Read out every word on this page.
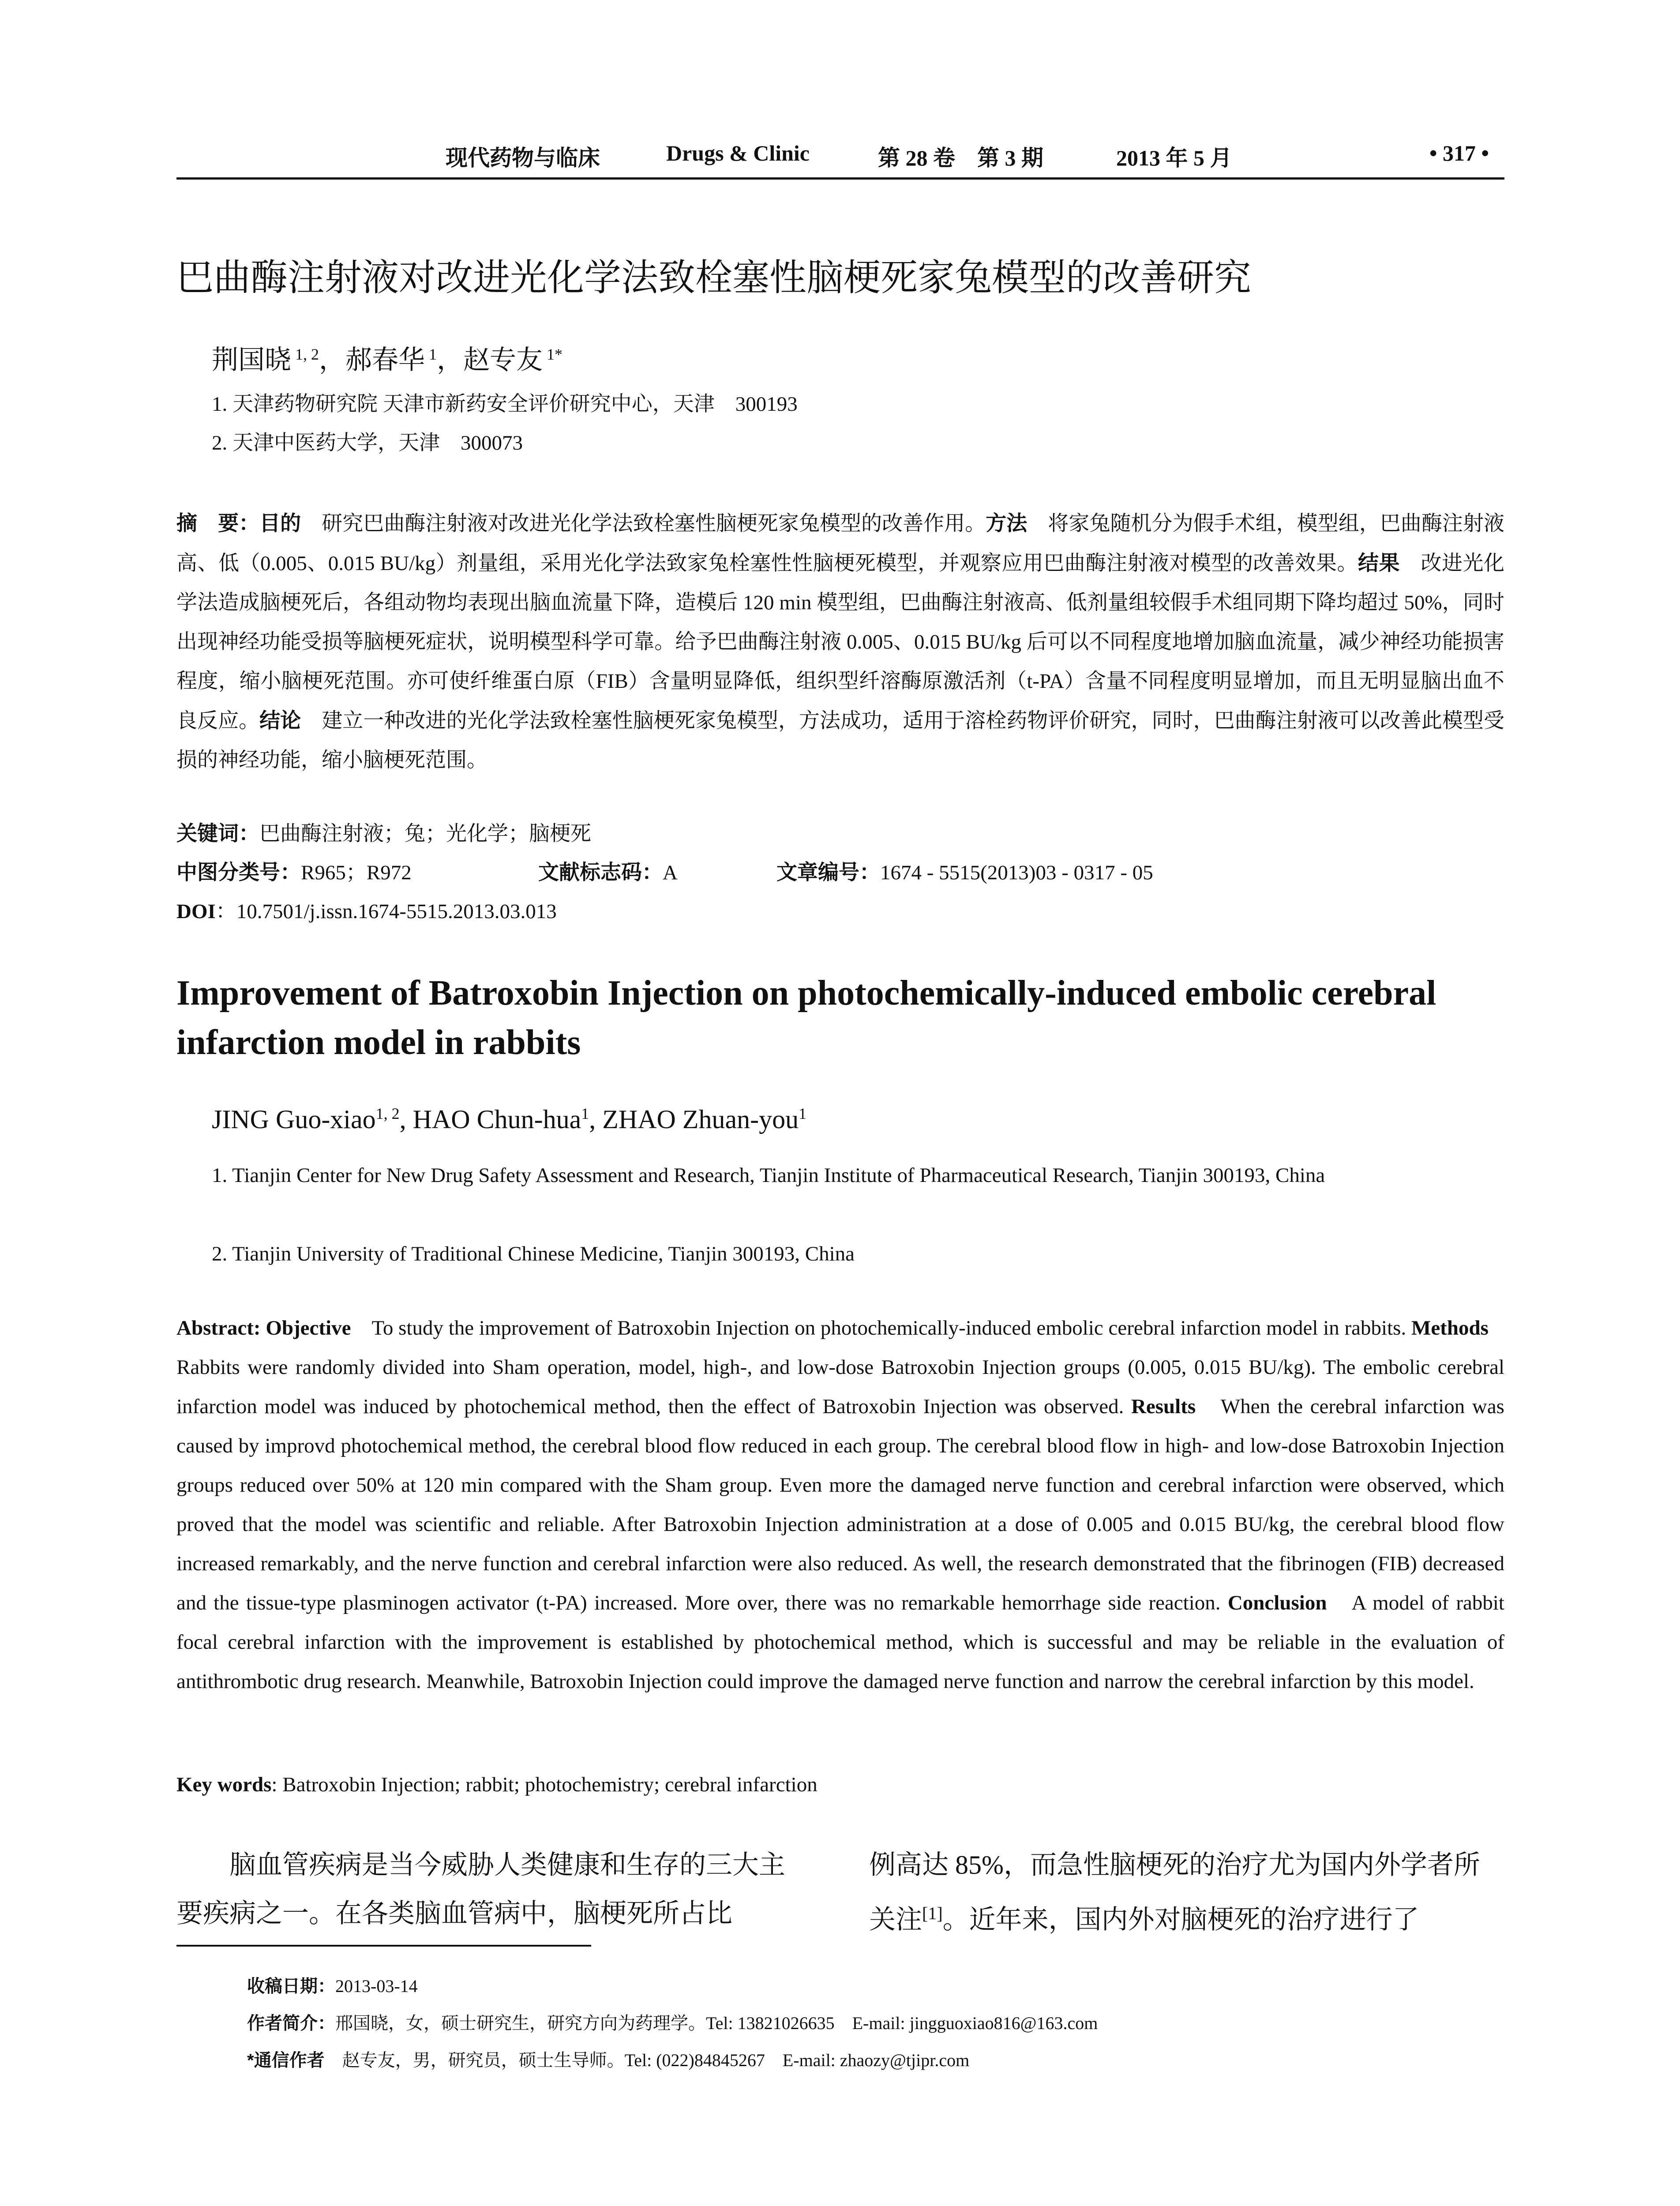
现代药物与临床	Drugs & Clinic	第 28 卷　第 3 期	2013 年 5 月	• 317 •
巴曲酶注射液对改进光化学法致栓塞性脑梗死家兔模型的改善研究
荆国晓 $^{1, 2}$，郝春华 $^1$，赵专友 $^{1*}$
1. 天津药物研究院 天津市新药安全评价研究中心，天津　300193
2. 天津中医药大学，天津　300073
摘　要：目的　研究巴曲酶注射液对改进光化学法致栓塞性脑梗死家兔模型的改善作用。方法　将家兔随机分为假手术组，模型组，巴曲酶注射液高、低（0.005、0.015 BU/kg）剂量组，采用光化学法致家兔栓塞性性脑梗死模型，并观察应用巴曲酶注射液对模型的改善效果。结果　改进光化学法造成脑梗死后，各组动物均表现出脑血流量下降，造模后 120 min 模型组，巴曲酶注射液高、低剂量组较假手术组同期下降均超过 50%，同时出现神经功能受损等脑梗死症状，说明模型科学可靠。给予巴曲酶注射液 0.005、0.015 BU/kg 后可以不同程度地增加脑血流量，减少神经功能损害程度，缩小脑梗死范围。亦可使纤维蛋白原（FIB）含量明显降低，组织型纤溶酶原激活剂（t-PA）含量不同程度明显增加，而且无明显脑出血不良反应。结论　建立一种改进的光化学法致栓塞性脑梗死家兔模型，方法成功，适用于溶栓药物评价研究，同时，巴曲酶注射液可以改善此模型受损的神经功能，缩小脑梗死范围。
关键词：巴曲酶注射液；兔；光化学；脑梗死
中图分类号：R965；R972	文献标志码：A	文章编号：1674 - 5515(2013)03 - 0317 - 05
DOI：10.7501/j.issn.1674-5515.2013.03.013
Improvement of Batroxobin Injection on photochemically-induced embolic cerebral infarction model in rabbits
JING Guo-xiao$^{1, 2}$, HAO Chun-hua$^1$, ZHAO Zhuan-you$^1$
1. Tianjin Center for New Drug Safety Assessment and Research, Tianjin Institute of Pharmaceutical Research, Tianjin 300193, China
2. Tianjin University of Traditional Chinese Medicine, Tianjin 300193, China
Abstract: Objective　To study the improvement of Batroxobin Injection on photochemically-induced embolic cerebral infarction model in rabbits. Methods　Rabbits were randomly divided into Sham operation, model, high-, and low-dose Batroxobin Injection groups (0.005, 0.015 BU/kg). The embolic cerebral infarction model was induced by photochemical method, then the effect of Batroxobin Injection was observed. Results　When the cerebral infarction was caused by improvd photochemical method, the cerebral blood flow reduced in each group. The cerebral blood flow in high- and low-dose Batroxobin Injection groups reduced over 50% at 120 min compared with the Sham group. Even more the damaged nerve function and cerebral infarction were observed, which proved that the model was scientific and reliable. After Batroxobin Injection administration at a dose of 0.005 and 0.015 BU/kg, the cerebral blood flow increased remarkably, and the nerve function and cerebral infarction were also reduced. As well, the research demonstrated that the fibrinogen (FIB) decreased and the tissue-type plasminogen activator (t-PA) increased. More over, there was no remarkable hemorrhage side reaction. Conclusion　A model of rabbit focal cerebral infarction with the improvement is established by photochemical method, which is successful and may be reliable in the evaluation of antithrombotic drug research. Meanwhile, Batroxobin Injection could improve the damaged nerve function and narrow the cerebral infarction by this model.
Key words: Batroxobin Injection; rabbit; photochemistry; cerebral infarction
　　脑血管疾病是当今威胁人类健康和生存的三大主要疾病之一。在各类脑血管病中，脑梗死所占比
例高达 85%，而急性脑梗死的治疗尤为国内外学者所关注[1]。近年来，国内外对脑梗死的治疗进行了
收稿日期：2013-03-14
作者简介：邢国晓，女，硕士研究生，研究方向为药理学。Tel: 13821026635　E-mail: jingguoxiao816@163.com
*通信作者　赵专友，男，研究员，硕士生导师。Tel: (022)84845267　E-mail: zhaozy@tjipr.com
